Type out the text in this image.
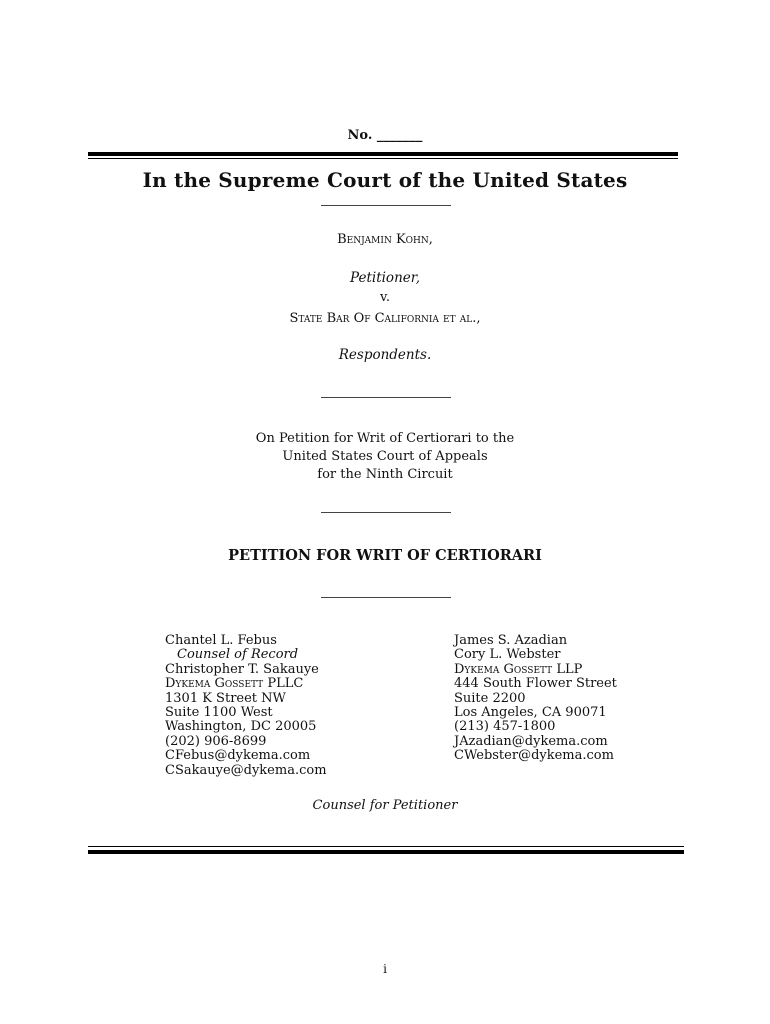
No. _______
In the Supreme Court of the United States
Benjamin Kohn,
Petitioner,
v.
State Bar Of California et al.,
Respondents.
On Petition for Writ of Certiorari to the
United States Court of Appeals
for the Ninth Circuit
PETITION FOR WRIT OF CERTIORARI
Chantel L. Febus
Counsel of Record
Christopher T. Sakauye
Dykema Gossett PLLC
1301 K Street NW
Suite 1100 West
Washington, DC 20005
(202) 906-8699
CFebus@dykema.com
CSakauye@dykema.com
James S. Azadian
Cory L. Webster
Dykema Gossett LLP
444 South Flower Street
Suite 2200
Los Angeles, CA 90071
(213) 457-1800
JAzadian@dykema.com
CWebster@dykema.com
Counsel for Petitioner
i
